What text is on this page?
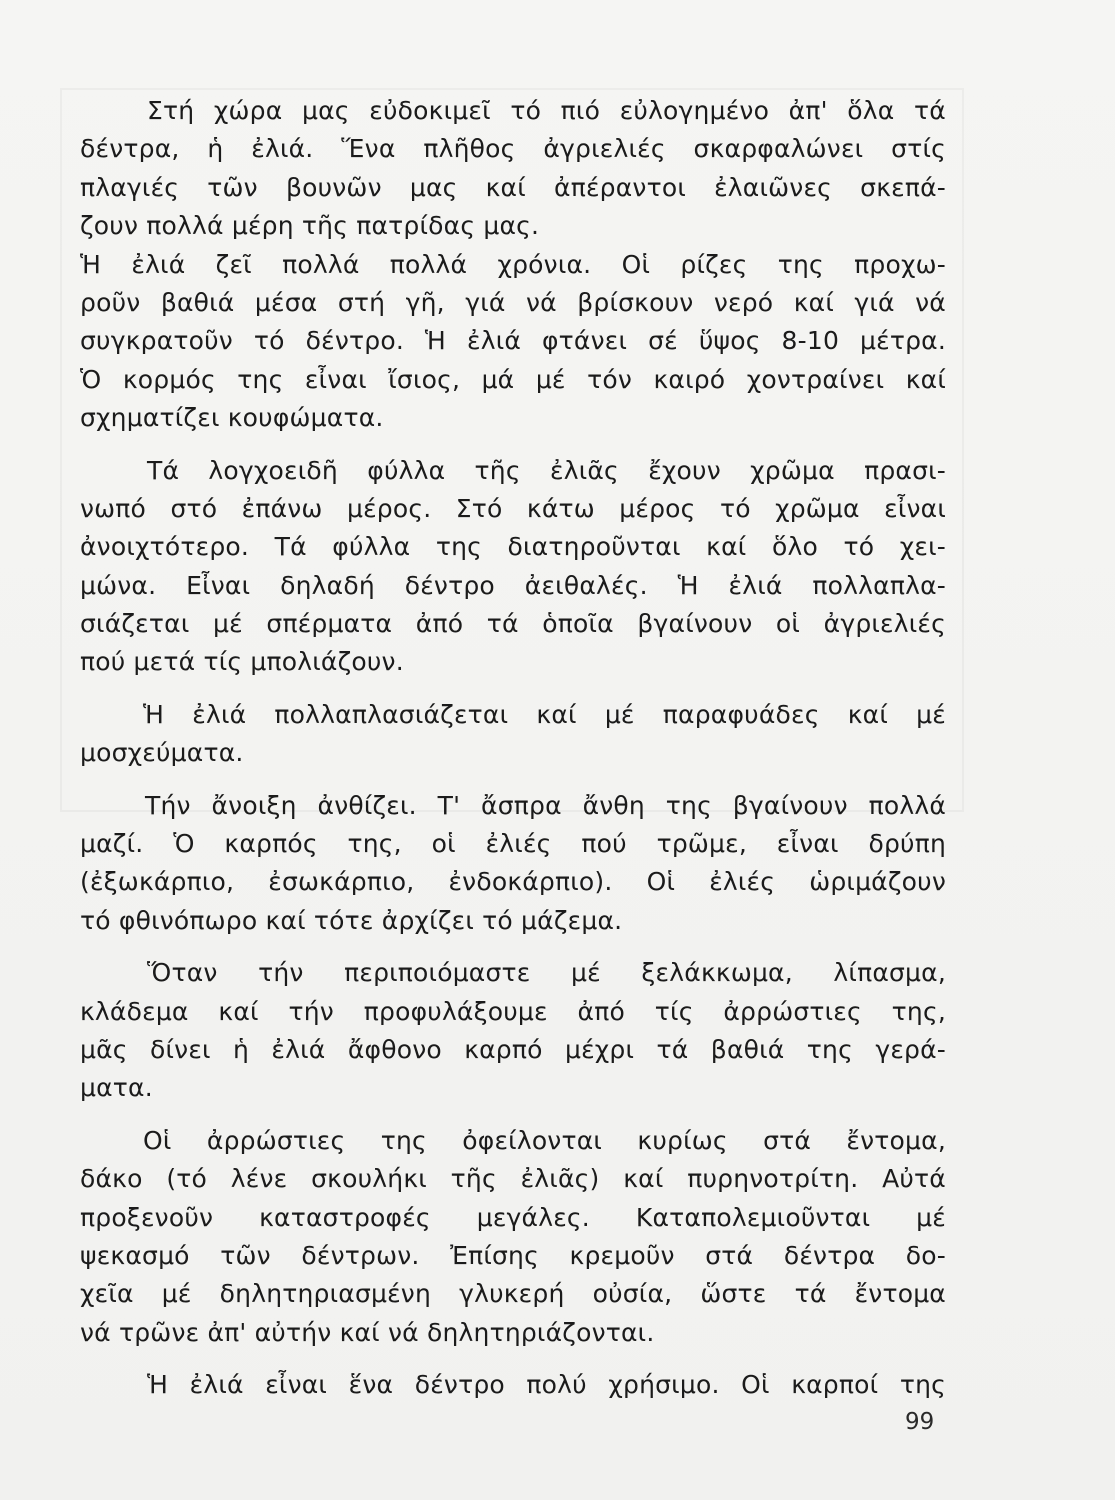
Στή χώρα μας εὐδοκιμεῖ τό πιό εὐλογημένο ἀπ' ὅλα τά
δέντρα, ἡ ἐλιά. Ἕνα πλῆθος ἀγριελιές σκαρφαλώνει στίς
πλαγιές τῶν βουνῶν μας καί ἀπέραντοι ἐλαιῶνες σκεπά-
ζουν πολλά μέρη τῆς πατρίδας μας.
Ἡ ἐλιά ζεῖ πολλά πολλά χρόνια. Οἱ ρίζες της προχω-
ροῦν βαθιά μέσα στή γῆ, γιά νά βρίσκουν νερό καί γιά νά
συγκρατοῦν τό δέντρο. Ἡ ἐλιά φτάνει σέ ὕψος 8-10 μέτρα.
Ὁ κορμός της εἶναι ἴσιος, μά μέ τόν καιρό χοντραίνει καί
σχηματίζει κουφώματα.
Τά λογχοειδῆ φύλλα τῆς ἐλιᾶς ἔχουν χρῶμα πρασι-
νωπό στό ἐπάνω μέρος. Στό κάτω μέρος τό χρῶμα εἶναι
ἀνοιχτότερο. Τά φύλλα της διατηροῦνται καί ὅλο τό χει-
μώνα. Εἶναι δηλαδή δέντρο ἀειθαλές. Ἡ ἐλιά πολλαπλα-
σιάζεται μέ σπέρματα ἀπό τά ὁποῖα βγαίνουν οἱ ἀγριελιές
πού μετά τίς μπολιάζουν.
Ἡ ἐλιά πολλαπλασιάζεται καί μέ παραφυάδες καί μέ
μοσχεύματα.
Τήν ἄνοιξη ἀνθίζει. Τ' ἄσπρα ἄνθη της βγαίνουν πολλά
μαζί. Ὁ καρπός της, οἱ ἐλιές πού τρῶμε, εἶναι δρύπη
(ἐξωκάρπιο, ἐσωκάρπιο, ἐνδοκάρπιο). Οἱ ἐλιές ὡριμάζουν
τό φθινόπωρο καί τότε ἀρχίζει τό μάζεμα.
Ὅταν τήν περιποιόμαστε μέ ξελάκκωμα, λίπασμα,
κλάδεμα καί τήν προφυλάξουμε ἀπό τίς ἀρρώστιες της,
μᾶς δίνει ἡ ἐλιά ἄφθονο καρπό μέχρι τά βαθιά της γερά-
ματα.
Οἱ ἀρρώστιες της ὀφείλονται κυρίως στά ἔντομα,
δάκο (τό λένε σκουλήκι τῆς ἐλιᾶς) καί πυρηνοτρίτη. Αὐτά
προξενοῦν καταστροφές μεγάλες. Καταπολεμιοῦνται μέ
ψεκασμό τῶν δέντρων. Ἐπίσης κρεμοῦν στά δέντρα δο-
χεῖα μέ δηλητηριασμένη γλυκερή οὐσία, ὥστε τά ἔντομα
νά τρῶνε ἀπ' αὐτήν καί νά δηλητηριάζονται.
Ἡ ἐλιά εἶναι ἕνα δέντρο πολύ χρήσιμο. Οἱ καρποί της
99
